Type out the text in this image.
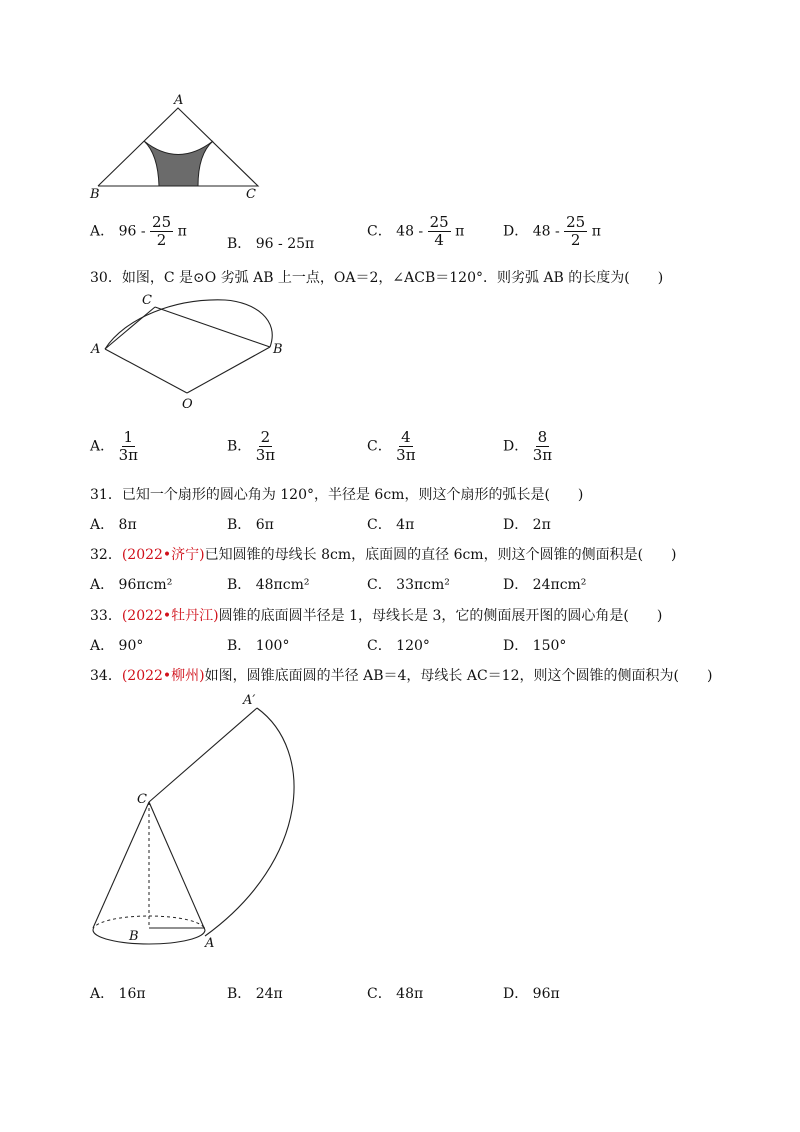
A
B	C
A． $96 - \frac{25}{2}$ π
B． 96 - 25π
C． $48 - \frac{25}{4}$ π	D． $48 - \frac{25}{2}$ π
30．如图，C 是⊙O 劣弧 AB 上一点，OA＝2，∠ACB＝120°．则劣弧 AB 的长度为(　　)
C
A	B
O
A． $\frac{1}{3\pi}$	B． $\frac{2}{3\pi}$	C． $\frac{4}{3\pi}$	D． $\frac{8}{3\pi}$
31．已知一个扇形的圆心角为 120°，半径是 6cm，则这个扇形的弧长是(　　)
A． 8π	B． 6π	C． 4π	D． 2π
32．(2022•济宁)已知圆锥的母线长 8cm，底面圆的直径 6cm，则这个圆锥的侧面积是(　　)
A． 96πcm²	B． 48πcm²	C． 33πcm²	D． 24πcm²
33．(2022•牡丹江)圆锥的底面圆半径是 1，母线长是 3，它的侧面展开图的圆心角是(　　)
A． 90°	B． 100°	C． 120°	D． 150°
34．(2022•柳州)如图，圆锥底面圆的半径 AB＝4，母线长 AC＝12，则这个圆锥的侧面积为(　　)
A′
C
B	A
A． 16π	B． 24π	C． 48π	D． 96π
